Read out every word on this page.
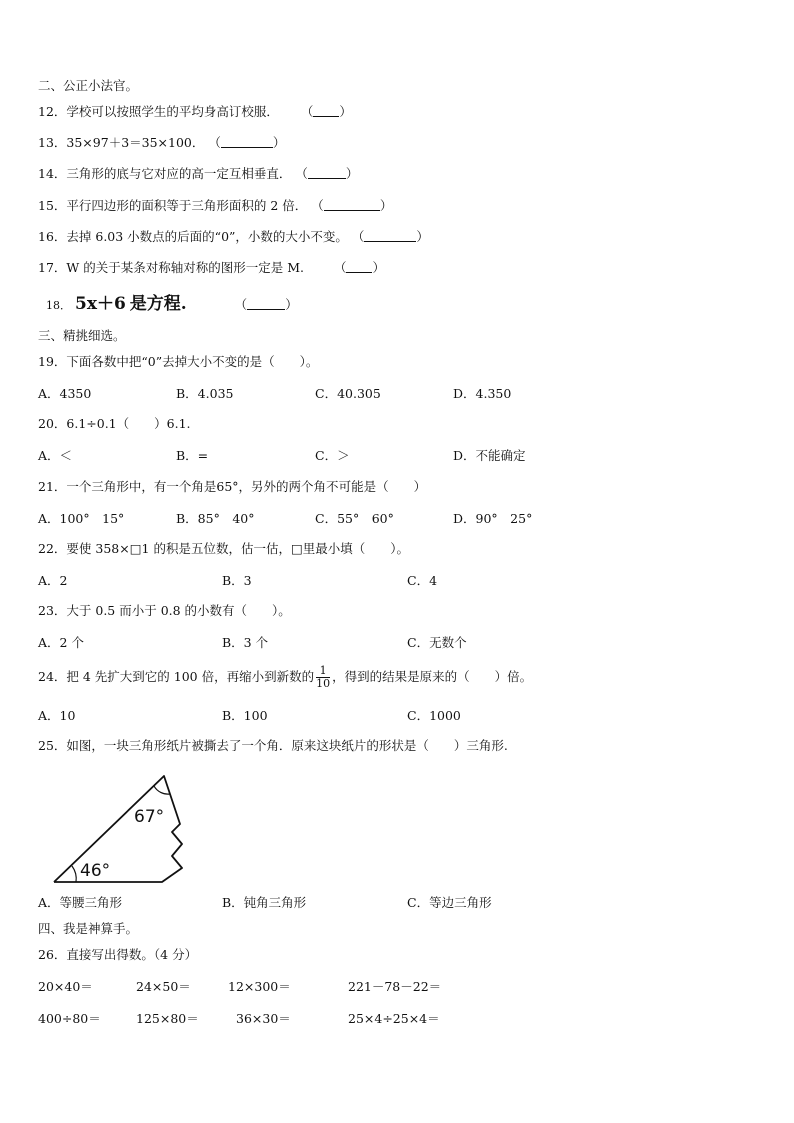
二、公正小法官。
12．学校可以按照学生的平均身高订校服． （ ）
13．35×97＋3＝35×100． （	）
14．三角形的底与它对应的高一定互相垂直． （	）
15．平行四边形的面积等于三角形面积的 2 倍． （	）
16．去掉 6.03 小数点的后面的“0”，小数的大小不变。 （	）
17．W 的关于某条对称轴对称的图形一定是 M. （ ）
18． 5x＋6 是方程.	（	）
三、精挑细选。
19．下面各数中把“0”去掉大小不变的是（　　）。
A．4350	B．4.035	C．40.305	D．4.350
20．6.1÷0.1（　　）6.1.
A．＜	B．=	C．＞	D．不能确定
21．一个三角形中，有一个角是65°，另外的两个角不可能是（　　）
A．100°　15°	B．85°　40°	C．55°　60°	D．90°　25°
22．要使 358×□1 的积是五位数，估一估，□里最小填（　　）。
A．2	B．3	C．4
23．大于 0.5 而小于 0.8 的小数有（　　）。
A．2 个	B．3 个	C．无数个
24．把 4 先扩大到它的 100 倍，再缩小到新数的 $\frac{1}{10}$ ，得到的结果是原来的（　　）倍。
A．10	B．100	C．1000
25．如图，一块三角形纸片被撕去了一个角．原来这块纸片的形状是（　　）三角形.
67°
46°
A．等腰三角形	B．钝角三角形	C．等边三角形
四、我是神算手。
26．直接写出得数。（4 分）
20×40＝	24×50＝	12×300＝	221－78－22＝
400÷80＝	125×80＝	36×30＝	25×4÷25×4＝
